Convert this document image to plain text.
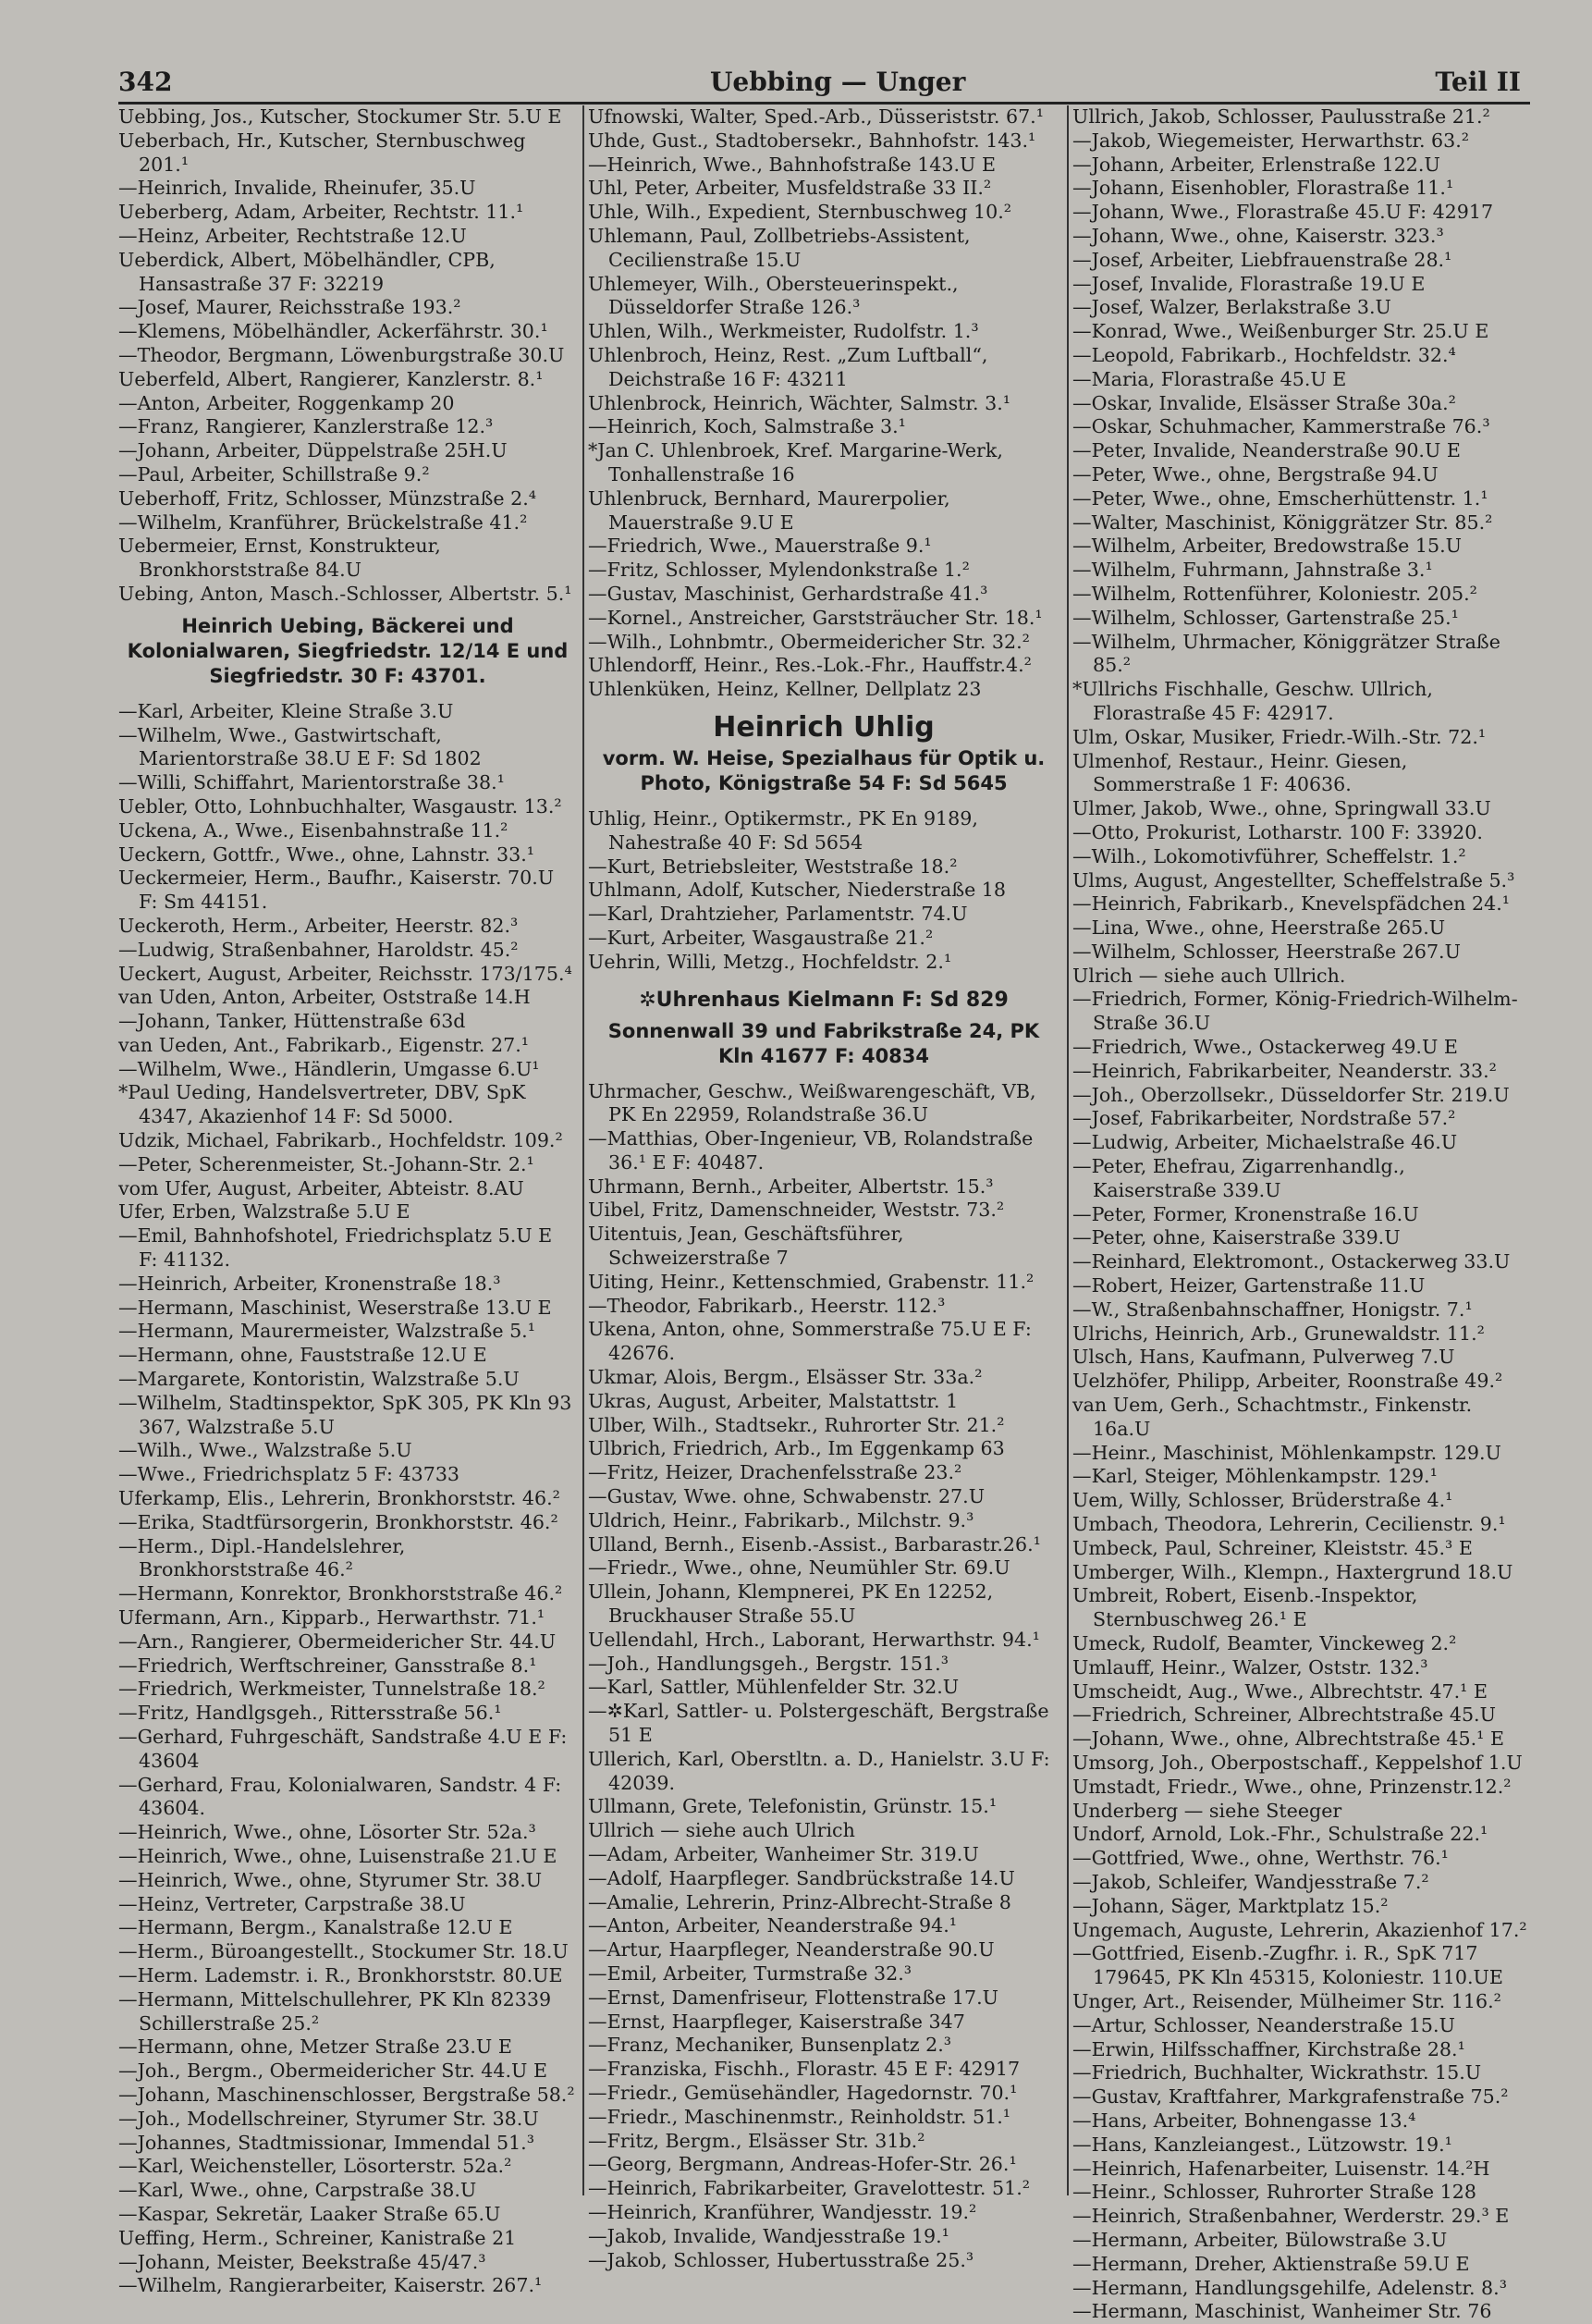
342	Uebbing — Unger	Teil II

Uebbing, Jos., Kutscher, Stockumer Str. 5.U E

Ueberbach, Hr., Kutscher, Sternbuschweg 201.¹

—Heinrich, Invalide, Rheinufer, 35.U

Ueberberg, Adam, Arbeiter, Rechtstr. 11.¹

—Heinz, Arbeiter, Rechtstraße 12.U

Ueberdick, Albert, Möbelhändler, CPB, Hansastraße 37 F: 32219

—Josef, Maurer, Reichsstraße 193.²

—Klemens, Möbelhändler, Ackerfährstr. 30.¹

—Theodor, Bergmann, Löwenburgstraße 30.U

Ueberfeld, Albert, Rangierer, Kanzlerstr. 8.¹

—Anton, Arbeiter, Roggenkamp 20

—Franz, Rangierer, Kanzlerstraße 12.³

—Johann, Arbeiter, Düppelstraße 25H.U

—Paul, Arbeiter, Schillstraße 9.²

Ueberhoff, Fritz, Schlosser, Münzstraße 2.⁴

—Wilhelm, Kranführer, Brückelstraße 41.²

Uebermeier, Ernst, Konstrukteur, Bronkhorststraße 84.U

Uebing, Anton, Masch.-Schlosser, Albertstr. 5.¹

Heinrich Uebing, Bäckerei und Kolonialwaren, Siegfriedstr. 12/14 E und Siegfriedstr. 30 F: 43701.

—Karl, Arbeiter, Kleine Straße 3.U

—Wilhelm, Wwe., Gastwirtschaft, Marientorstraße 38.U E F: Sd 1802

—Willi, Schiffahrt, Marientorstraße 38.¹

Uebler, Otto, Lohnbuchhalter, Wasgaustr. 13.²

Uckena, A., Wwe., Eisenbahnstraße 11.²

Ueckern, Gottfr., Wwe., ohne, Lahnstr. 33.¹

Ueckermeier, Herm., Baufhr., Kaiserstr. 70.U F: Sm 44151.

Ueckeroth, Herm., Arbeiter, Heerstr. 82.³

—Ludwig, Straßenbahner, Haroldstr. 45.²

Ueckert, August, Arbeiter, Reichsstr. 173/175.⁴

van Uden, Anton, Arbeiter, Oststraße 14.H

—Johann, Tanker, Hüttenstraße 63d

van Ueden, Ant., Fabrikarb., Eigenstr. 27.¹

—Wilhelm, Wwe., Händlerin, Umgasse 6.U¹

*Paul Ueding, Handelsvertreter, DBV, SpK 4347, Akazienhof 14 F: Sd 5000.

Udzik, Michael, Fabrikarb., Hochfeldstr. 109.²

—Peter, Scherenmeister, St.-Johann-Str. 2.¹

vom Ufer, August, Arbeiter, Abteistr. 8.AU

Ufer, Erben, Walzstraße 5.U E

—Emil, Bahnhofshotel, Friedrichsplatz 5.U E F: 41132.

—Heinrich, Arbeiter, Kronenstraße 18.³

—Hermann, Maschinist, Weserstraße 13.U E

—Hermann, Maurermeister, Walzstraße 5.¹

—Hermann, ohne, Fauststraße 12.U E

—Margarete, Kontoristin, Walzstraße 5.U

—Wilhelm, Stadtinspektor, SpK 305, PK Kln 93 367, Walzstraße 5.U

—Wilh., Wwe., Walzstraße 5.U

—Wwe., Friedrichsplatz 5 F: 43733

Uferkamp, Elis., Lehrerin, Bronkhorststr. 46.²

—Erika, Stadtfürsorgerin, Bronkhorststr. 46.²

—Herm., Dipl.-Handelslehrer, Bronkhorststraße 46.²

—Hermann, Konrektor, Bronkhorststraße 46.²

Ufermann, Arn., Kipparb., Herwarthstr. 71.¹

—Arn., Rangierer, Obermeidericher Str. 44.U

—Friedrich, Werftschreiner, Gansstraße 8.¹

—Friedrich, Werkmeister, Tunnelstraße 18.²

—Fritz, Handlgsgeh., Rittersstraße 56.¹

—Gerhard, Fuhrgeschäft, Sandstraße 4.U E F: 43604

—Gerhard, Frau, Kolonialwaren, Sandstr. 4 F: 43604.

—Heinrich, Wwe., ohne, Lösorter Str. 52a.³

—Heinrich, Wwe., ohne, Luisenstraße 21.U E

—Heinrich, Wwe., ohne, Styrumer Str. 38.U

—Heinz, Vertreter, Carpstraße 38.U

—Hermann, Bergm., Kanalstraße 12.U E

—Herm., Büroangestellt., Stockumer Str. 18.U

—Herm. Lademstr. i. R., Bronkhorststr. 80.UE

—Hermann, Mittelschullehrer, PK Kln 82339 Schillerstraße 25.²

—Hermann, ohne, Metzer Straße 23.U E

—Joh., Bergm., Obermeidericher Str. 44.U E

—Johann, Maschinenschlosser, Bergstraße 58.²

—Joh., Modellschreiner, Styrumer Str. 38.U

—Johannes, Stadtmissionar, Immendal 51.³

—Karl, Weichensteller, Lösorterstr. 52a.²

—Karl, Wwe., ohne, Carpstraße 38.U

—Kaspar, Sekretär, Laaker Straße 65.U

Ueffing, Herm., Schreiner, Kanistraße 21

—Johann, Meister, Beekstraße 45/47.³

—Wilhelm, Rangierarbeiter, Kaiserstr. 267.¹

Ufnowski, Walter, Sped.-Arb., Düsseriststr. 67.¹

Uhde, Gust., Stadtobersekr., Bahnhofstr. 143.¹

—Heinrich, Wwe., Bahnhofstraße 143.U E

Uhl, Peter, Arbeiter, Musfeldstraße 33 II.²

Uhle, Wilh., Expedient, Sternbuschweg 10.²

Uhlemann, Paul, Zollbetriebs-Assistent, Cecilienstraße 15.U

Uhlemeyer, Wilh., Obersteuerinspekt., Düsseldorfer Straße 126.³

Uhlen, Wilh., Werkmeister, Rudolfstr. 1.³

Uhlenbroch, Heinz, Rest. „Zum Luftball“, Deichstraße 16 F: 43211

Uhlenbrock, Heinrich, Wächter, Salmstr. 3.¹

—Heinrich, Koch, Salmstraße 3.¹

*Jan C. Uhlenbroek, Kref. Margarine-Werk, Tonhallenstraße 16

Uhlenbruck, Bernhard, Maurerpolier, Mauerstraße 9.U E

—Friedrich, Wwe., Mauerstraße 9.¹

—Fritz, Schlosser, Mylendonkstraße 1.²

—Gustav, Maschinist, Gerhardstraße 41.³

—Kornel., Anstreicher, Garststräucher Str. 18.¹

—Wilh., Lohnbmtr., Obermeidericher Str. 32.²

Uhlendorff, Heinr., Res.-Lok.-Fhr., Hauffstr.4.²

Uhlenküken, Heinz, Kellner, Dellplatz 23

Heinrich Uhlig
vorm. W. Heise, Spezialhaus für Optik u. Photo, Königstraße 54 F: Sd 5645

Uhlig, Heinr., Optikermstr., PK En 9189, Nahestraße 40 F: Sd 5654

—Kurt, Betriebsleiter, Weststraße 18.²

Uhlmann, Adolf, Kutscher, Niederstraße 18

—Karl, Drahtzieher, Parlamentstr. 74.U

—Kurt, Arbeiter, Wasgaustraße 21.²

Uehrin, Willi, Metzg., Hochfeldstr. 2.¹

✲Uhrenhaus Kielmann F: Sd 829
Sonnenwall 39 und Fabrikstraße 24, PK Kln 41677 F: 40834

Uhrmacher, Geschw., Weißwarengeschäft, VB, PK En 22959, Rolandstraße 36.U

—Matthias, Ober-Ingenieur, VB, Rolandstraße 36.¹ E F: 40487.

Uhrmann, Bernh., Arbeiter, Albertstr. 15.³

Uibel, Fritz, Damenschneider, Weststr. 73.²

Uitentuis, Jean, Geschäftsführer, Schweizerstraße 7

Uiting, Heinr., Kettenschmied, Grabenstr. 11.²

—Theodor, Fabrikarb., Heerstr. 112.³

Ukena, Anton, ohne, Sommerstraße 75.U E F: 42676.

Ukmar, Alois, Bergm., Elsässer Str. 33a.²

Ukras, August, Arbeiter, Malstattstr. 1

Ulber, Wilh., Stadtsekr., Ruhrorter Str. 21.²

Ulbrich, Friedrich, Arb., Im Eggenkamp 63

—Fritz, Heizer, Drachenfelsstraße 23.²

—Gustav, Wwe. ohne, Schwabenstr. 27.U

Uldrich, Heinr., Fabrikarb., Milchstr. 9.³

Ulland, Bernh., Eisenb.-Assist., Barbarastr.26.¹

—Friedr., Wwe., ohne, Neumühler Str. 69.U

Ullein, Johann, Klempnerei, PK En 12252, Bruckhauser Straße 55.U

Uellendahl, Hrch., Laborant, Herwarthstr. 94.¹

—Joh., Handlungsgeh., Bergstr. 151.³

—Karl, Sattler, Mühlenfelder Str. 32.U

—✲Karl, Sattler- u. Polstergeschäft, Bergstraße 51 E

Ullerich, Karl, Oberstltn. a. D., Hanielstr. 3.U F: 42039.

Ullmann, Grete, Telefonistin, Grünstr. 15.¹

Ullrich — siehe auch Ulrich

—Adam, Arbeiter, Wanheimer Str. 319.U

—Adolf, Haarpfleger. Sandbrückstraße 14.U

—Amalie, Lehrerin, Prinz-Albrecht-Straße 8

—Anton, Arbeiter, Neanderstraße 94.¹

—Artur, Haarpfleger, Neanderstraße 90.U

—Emil, Arbeiter, Turmstraße 32.³

—Ernst, Damenfriseur, Flottenstraße 17.U

—Ernst, Haarpfleger, Kaiserstraße 347

—Franz, Mechaniker, Bunsenplatz 2.³

—Franziska, Fischh., Florastr. 45 E F: 42917

—Friedr., Gemüsehändler, Hagedornstr. 70.¹

—Friedr., Maschinenmstr., Reinholdstr. 51.¹

—Fritz, Bergm., Elsässer Str. 31b.²

—Georg, Bergmann, Andreas-Hofer-Str. 26.¹

—Heinrich, Fabrikarbeiter, Gravelottestr. 51.²

—Heinrich, Kranführer, Wandjesstr. 19.²

—Jakob, Invalide, Wandjesstraße 19.¹

—Jakob, Schlosser, Hubertusstraße 25.³

Ullrich, Jakob, Schlosser, Paulusstraße 21.²

—Jakob, Wiegemeister, Herwarthstr. 63.²

—Johann, Arbeiter, Erlenstraße 122.U

—Johann, Eisenhobler, Florastraße 11.¹

—Johann, Wwe., Florastraße 45.U F: 42917

—Johann, Wwe., ohne, Kaiserstr. 323.³

—Josef, Arbeiter, Liebfrauenstraße 28.¹

—Josef, Invalide, Florastraße 19.U E

—Josef, Walzer, Berlakstraße 3.U

—Konrad, Wwe., Weißenburger Str. 25.U E

—Leopold, Fabrikarb., Hochfeldstr. 32.⁴

—Maria, Florastraße 45.U E

—Oskar, Invalide, Elsässer Straße 30a.²

—Oskar, Schuhmacher, Kammerstraße 76.³

—Peter, Invalide, Neanderstraße 90.U E

—Peter, Wwe., ohne, Bergstraße 94.U

—Peter, Wwe., ohne, Emscherhüttenstr. 1.¹

—Walter, Maschinist, Königgrätzer Str. 85.²

—Wilhelm, Arbeiter, Bredowstraße 15.U

—Wilhelm, Fuhrmann, Jahnstraße 3.¹

—Wilhelm, Rottenführer, Koloniestr. 205.²

—Wilhelm, Schlosser, Gartenstraße 25.¹

—Wilhelm, Uhrmacher, Königgrätzer Straße 85.²

*Ullrichs Fischhalle, Geschw. Ullrich, Florastraße 45 F: 42917.

Ulm, Oskar, Musiker, Friedr.-Wilh.-Str. 72.¹

Ulmenhof, Restaur., Heinr. Giesen, Sommerstraße 1 F: 40636.

Ulmer, Jakob, Wwe., ohne, Springwall 33.U

—Otto, Prokurist, Lotharstr. 100 F: 33920.

—Wilh., Lokomotivführer, Scheffelstr. 1.²

Ulms, August, Angestellter, Scheffelstraße 5.³

—Heinrich, Fabrikarb., Knevelspfädchen 24.¹

—Lina, Wwe., ohne, Heerstraße 265.U

—Wilhelm, Schlosser, Heerstraße 267.U

Ulrich — siehe auch Ullrich.

—Friedrich, Former, König-Friedrich-Wilhelm-Straße 36.U

—Friedrich, Wwe., Ostackerweg 49.U E

—Heinrich, Fabrikarbeiter, Neanderstr. 33.²

—Joh., Oberzollsekr., Düsseldorfer Str. 219.U

—Josef, Fabrikarbeiter, Nordstraße 57.²

—Ludwig, Arbeiter, Michaelstraße 46.U

—Peter, Ehefrau, Zigarrenhandlg., Kaiserstraße 339.U

—Peter, Former, Kronenstraße 16.U

—Peter, ohne, Kaiserstraße 339.U

—Reinhard, Elektromont., Ostackerweg 33.U

—Robert, Heizer, Gartenstraße 11.U

—W., Straßenbahnschaffner, Honigstr. 7.¹

Ulrichs, Heinrich, Arb., Grunewaldstr. 11.²

Ulsch, Hans, Kaufmann, Pulverweg 7.U

Uelzhöfer, Philipp, Arbeiter, Roonstraße 49.²

van Uem, Gerh., Schachtmstr., Finkenstr. 16a.U

—Heinr., Maschinist, Möhlenkampstr. 129.U

—Karl, Steiger, Möhlenkampstr. 129.¹

Uem, Willy, Schlosser, Brüderstraße 4.¹

Umbach, Theodora, Lehrerin, Cecilienstr. 9.¹

Umbeck, Paul, Schreiner, Kleiststr. 45.³ E

Umberger, Wilh., Klempn., Haxtergrund 18.U

Umbreit, Robert, Eisenb.-Inspektor, Sternbuschweg 26.¹ E

Umeck, Rudolf, Beamter, Vinckeweg 2.²

Umlauff, Heinr., Walzer, Oststr. 132.³

Umscheidt, Aug., Wwe., Albrechtstr. 47.¹ E

—Friedrich, Schreiner, Albrechtstraße 45.U

—Johann, Wwe., ohne, Albrechtstraße 45.¹ E

Umsorg, Joh., Oberpostschaff., Keppelshof 1.U

Umstadt, Friedr., Wwe., ohne, Prinzenstr.12.²

Underberg — siehe Steeger

Undorf, Arnold, Lok.-Fhr., Schulstraße 22.¹

—Gottfried, Wwe., ohne, Werthstr. 76.¹

—Jakob, Schleifer, Wandjesstraße 7.²

—Johann, Säger, Marktplatz 15.²

Ungemach, Auguste, Lehrerin, Akazienhof 17.²

—Gottfried, Eisenb.-Zugfhr. i. R., SpK 717 179645, PK Kln 45315, Koloniestr. 110.UE

Unger, Art., Reisender, Mülheimer Str. 116.²

—Artur, Schlosser, Neanderstraße 15.U

—Erwin, Hilfsschaffner, Kirchstraße 28.¹

—Friedrich, Buchhalter, Wickrathstr. 15.U

—Gustav, Kraftfahrer, Markgrafenstraße 75.²

—Hans, Arbeiter, Bohnengasse 13.⁴

—Hans, Kanzleiangest., Lützowstr. 19.¹

—Heinrich, Hafenarbeiter, Luisenstr. 14.²H

—Heinr., Schlosser, Ruhrorter Straße 128

—Heinrich, Straßenbahner, Werderstr. 29.³ E

—Hermann, Arbeiter, Bülowstraße 3.U

—Hermann, Dreher, Aktienstraße 59.U E

—Hermann, Handlungsgehilfe, Adelenstr. 8.³

—Hermann, Maschinist, Wanheimer Str. 76
